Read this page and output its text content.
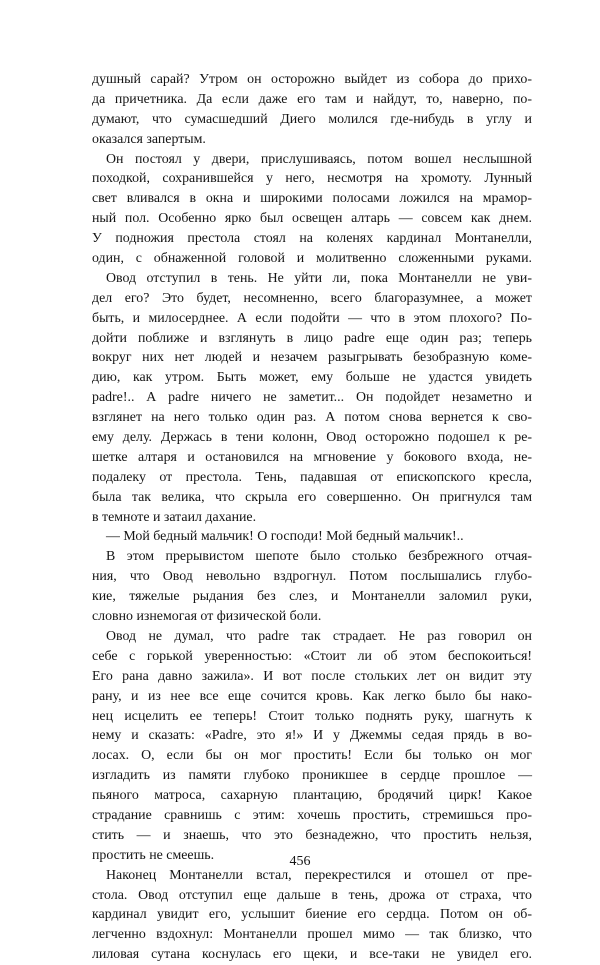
душный сарай? Утром он осторожно выйдет из собора до прихо-
да причетника. Да если даже его там и найдут, то, наверно, по-
думают, что сумасшедший Диего молился где-нибудь в углу и
оказался запертым.
Он постоял у двери, прислушиваясь, потом вошел неслышной
походкой, сохранившейся у него, несмотря на хромоту. Лунный
свет вливался в окна и широкими полосами ложился на мрамор-
ный пол. Особенно ярко был освещен алтарь — совсем как днем.
У подножия престола стоял на коленях кардинал Монтанелли,
один, с обнаженной головой и молитвенно сложенными руками.
Овод отступил в тень. Не уйти ли, пока Монтанелли не уви-
дел его? Это будет, несомненно, всего благоразумнее, а может
быть, и милосерднее. А если подойти — что в этом плохого? По-
дойти поближе и взглянуть в лицо padre еще один раз; теперь
вокруг них нет людей и незачем разыгрывать безобразную коме-
дию, как утром. Быть может, ему больше не удастся увидеть
padre!.. А padre ничего не заметит... Он подойдет незаметно и
взглянет на него только один раз. А потом снова вернется к сво-
ему делу. Держась в тени колонн, Овод осторожно подошел к ре-
шетке алтаря и остановился на мгновение у бокового входа, не-
подалеку от престола. Тень, падавшая от епископского кресла,
была так велика, что скрыла его совершенно. Он пригнулся там
в темноте и затаил дахание.
— Мой бедный мальчик! О господи! Мой бедный мальчик!..
В этом прерывистом шепоте было столько безбрежного отчая-
ния, что Овод невольно вздрогнул. Потом послышались глубо-
кие, тяжелые рыдания без слез, и Монтанелли заломил руки,
словно изнемогая от физической боли.
Овод не думал, что padre так страдает. Не раз говорил он
себе с горькой уверенностью: «Стоит ли об этом беспокоиться!
Его рана давно зажила». И вот после стольких лет он видит эту
рану, и из нее все еще сочится кровь. Как легко было бы нако-
нец исцелить ее теперь! Стоит только поднять руку, шагнуть к
нему и сказать: «Padre, это я!» И у Джеммы седая прядь в во-
лосах. О, если бы он мог простить! Если бы только он мог
изгладить из памяти глубоко проникшее в сердце прошлое —
пьяного матроса, сахарную плантацию, бродячий цирк! Какое
страдание сравнишь с этим: хочешь простить, стремишься про-
стить — и знаешь, что это безнадежно, что простить нельзя,
простить не смеешь.
Наконец Монтанелли встал, перекрестился и отошел от пре-
стола. Овод отступил еще дальше в тень, дрожа от страха, что
кардинал увидит его, услышит биение его сердца. Потом он об-
легченно вздохнул: Монтанелли прошел мимо — так близко, что
лиловая сутана коснулась его щеки, и все-таки не увидел его.
456
